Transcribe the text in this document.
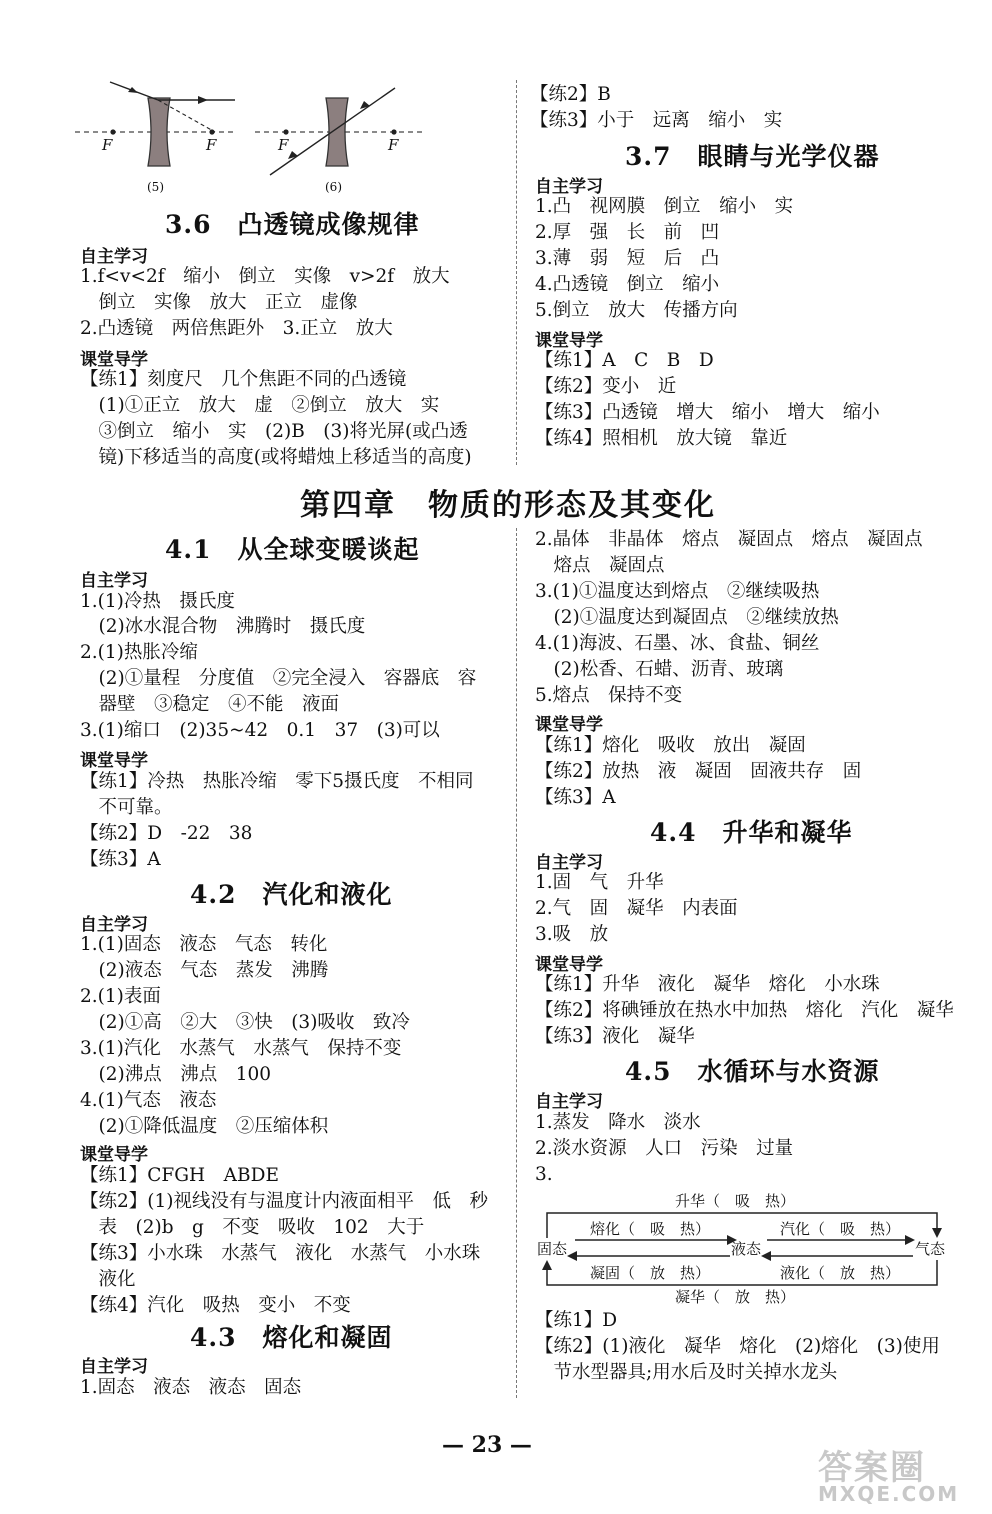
F	F	F	F
(5)	(6)
3.6　凸透镜成像规律
自主学习
1.f<v<2f　缩小　倒立　实像　v>2f　放大
　倒立　实像　放大　正立　虚像
2.凸透镜　两倍焦距外　3.正立　放大
课堂导学
【练1】刻度尺　几个焦距不同的凸透镜
　(1)①正立　放大　虚　②倒立　放大　实
　③倒立　缩小　实　(2)B　(3)将光屏(或凸透
　镜)下移适当的高度(或将蜡烛上移适当的高度)
【练2】B
【练3】小于　远离　缩小　实
3.7　眼睛与光学仪器
自主学习
1.凸　视网膜　倒立　缩小　实
2.厚　强　长　前　凹
3.薄　弱　短　后　凸
4.凸透镜　倒立　缩小
5.倒立　放大　传播方向
课堂导学
【练1】A　C　B　D
【练2】变小　近
【练3】凸透镜　增大　缩小　增大　缩小
【练4】照相机　放大镜　靠近
第四章　物质的形态及其变化
4.1　从全球变暖谈起
自主学习
1.(1)冷热　摄氏度
　(2)冰水混合物　沸腾时　摄氏度
2.(1)热胀冷缩
　(2)①量程　分度值　②完全浸入　容器底　容
　器壁　③稳定　④不能　液面
3.(1)缩口　(2)35~42　0.1　37　(3)可以
课堂导学
【练1】冷热　热胀冷缩　零下5摄氏度　不相同
　不可靠。
【练2】D　-22　38
【练3】A
4.2　汽化和液化
自主学习
1.(1)固态　液态　气态　转化
　(2)液态　气态　蒸发　沸腾
2.(1)表面
　(2)①高　②大　③快　(3)吸收　致冷
3.(1)汽化　水蒸气　水蒸气　保持不变
　(2)沸点　沸点　100
4.(1)气态　液态
　(2)①降低温度　②压缩体积
课堂导学
【练1】CFGH　ABDE
【练2】(1)视线没有与温度计内液面相平　低　秒
　表　(2)b　g　不变　吸收　102　大于
【练3】小水珠　水蒸气　液化　水蒸气　小水珠
　液化
【练4】汽化　吸热　变小　不变
4.3　熔化和凝固
自主学习
1.固态　液态　液态　固态
2.晶体　非晶体　熔点　凝固点　熔点　凝固点
　熔点　凝固点
3.(1)①温度达到熔点　②继续吸热
　(2)①温度达到凝固点　②继续放热
4.(1)海波、石墨、冰、食盐、铜丝
　(2)松香、石蜡、沥青、玻璃
5.熔点　保持不变
课堂导学
【练1】熔化　吸收　放出　凝固
【练2】放热　液　凝固　固液共存　固
【练3】A
4.4　升华和凝华
自主学习
1.固　气　升华
2.气　固　凝华　内表面
3.吸　放
课堂导学
【练1】升华　液化　凝华　熔化　小水珠
【练2】将碘锤放在热水中加热　熔化　汽化　凝华
【练3】液化　凝华
4.5　水循环与水资源
自主学习
1.蒸发　降水　淡水
2.淡水资源　人口　污染　过量
3.
升华（　吸　热）
熔化（　吸　热）	汽化（　吸　热）
固态	液态	气态
凝固（　放　热）	液化（　放　热）
凝华（　放　热）
【练1】D
【练2】(1)液化　凝华　熔化　(2)熔化　(3)使用
　节水型器具;用水后及时关掉水龙头
— 23 —
答案圈
MXQE.COM
